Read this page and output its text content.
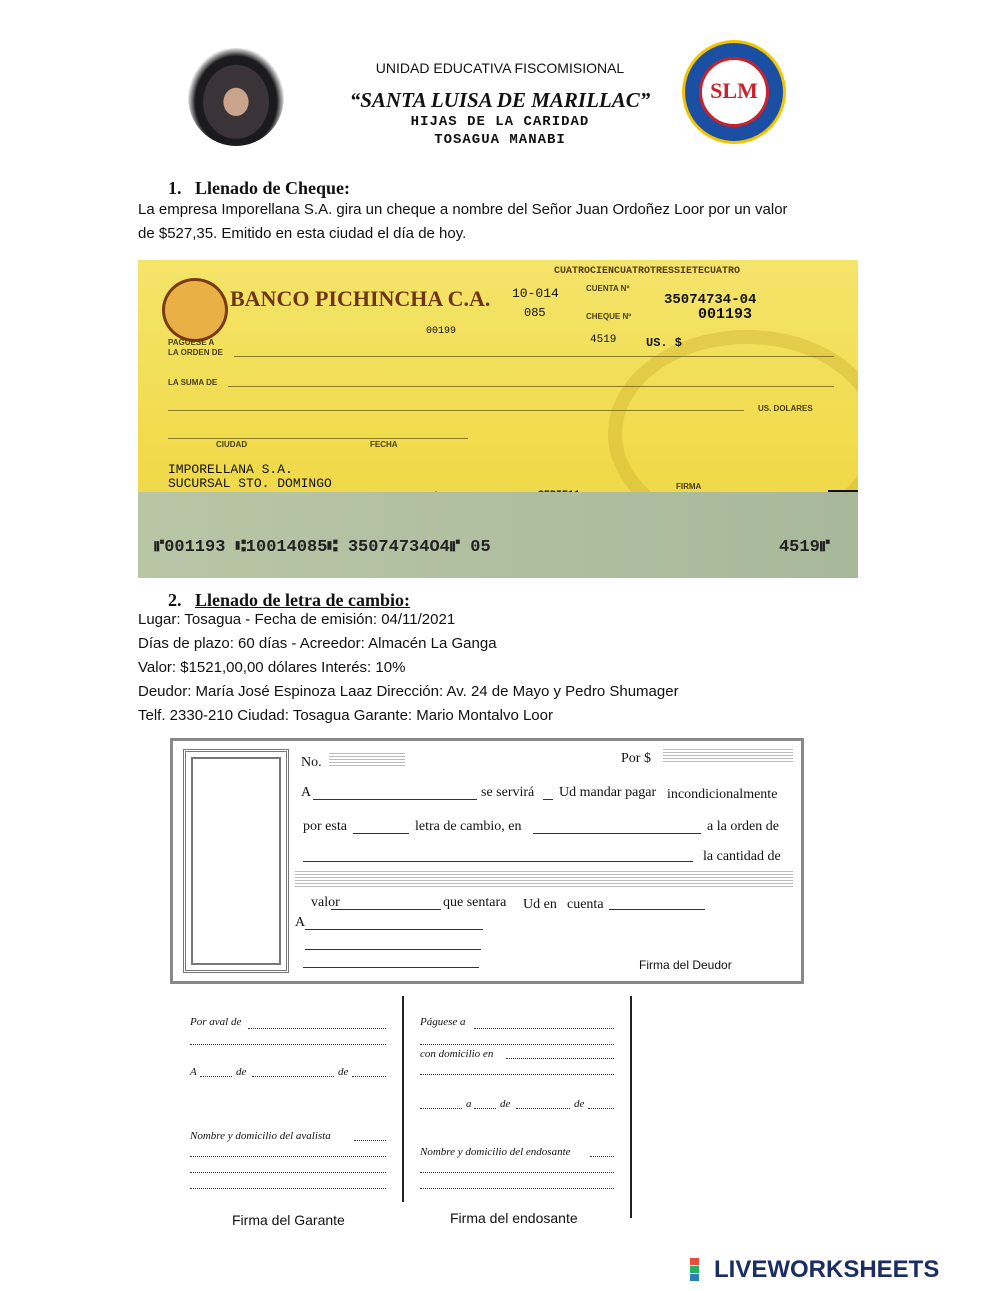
UNIDAD EDUCATIVA FISCOMISIONAL
“SANTA LUISA DE MARILLAC”
HIJAS DE LA CARIDAD
TOSAGUA MANABI
SLM
1. Llenado de Cheque:
La empresa Imporellana S.A. gira un cheque a nombre del Señor Juan Ordoñez Loor por un valor
de $527,35. Emitido en esta ciudad el día de hoy.
BANCO PICHINCHA C.A.
CUATROCIENCUATROTRESSIETECUATRO
10-014
085
CUENTA Nº
35074734-04
CHEQUE Nº	001193
00199
4519 US. $
PAGUESE A
LA ORDEN DE
LA SUMA DE
US. DOLARES
CIUDAD	FECHA
IMPORELLANA S.A.
SUCURSAL STO. DOMINGO	FIRMA
⑈001193 ⑆10014085⑆ 35074734O4⑈ 05	4519⑈
2. Llenado de letra de cambio:
Lugar: Tosagua - Fecha de emisión: 04/11/2021
Días de plazo: 60 días - Acreedor: Almacén La Ganga
Valor: $1521,00,00 dólares Interés: 10%
Deudor: María José Espinoza Laaz Dirección: Av. 24 de Mayo y Pedro Shumager
Telf. 2330-210 Ciudad: Tosagua Garante: Mario Montalvo Loor
No.	Por $
A	se servirá Ud mandar pagar incondicionalmente
por esta	letra de cambio, en	a la orden de
la cantidad de
valor	que sentara Ud en cuenta
A
Firma del Deudor
Por aval de
A	de	de
Nombre y domicilio del avalista
Firma del Garante
Páguese a
con domicilio en
a	de	de
Nombre y domicilio del endosante
Firma del endosante
LIVEWORKSHEETS
